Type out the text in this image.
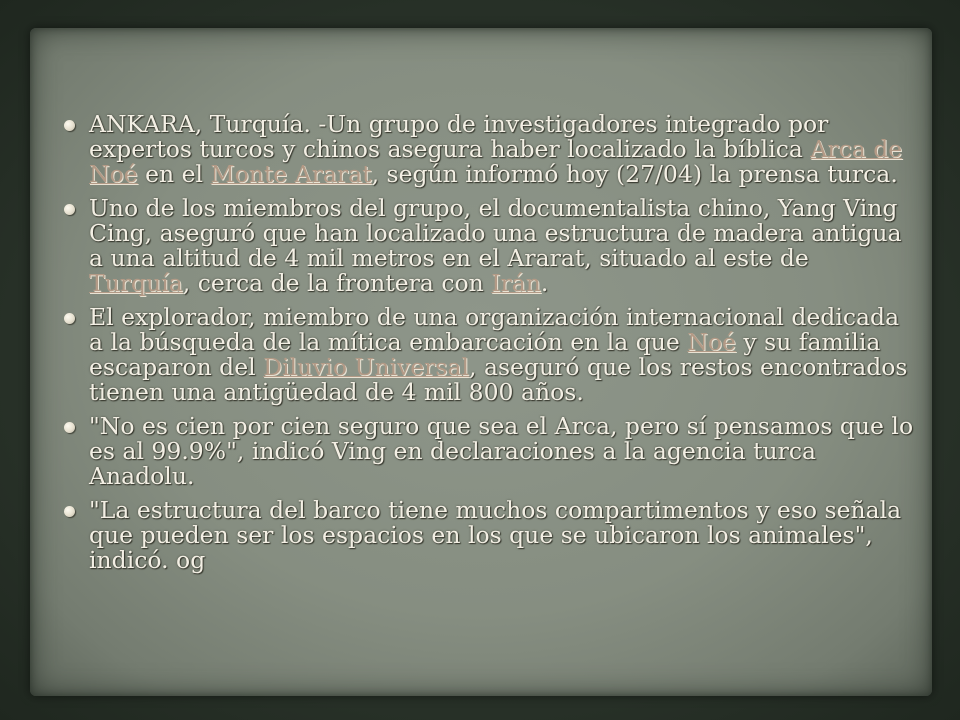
ANKARA, Turquía. -Un grupo de investigadores integrado por expertos turcos y chinos asegura haber localizado la bíblica Arca de Noé en el Monte Ararat, según informó hoy (27/04) la prensa turca.
Uno de los miembros del grupo, el documentalista chino, Yang Ving Cing, aseguró que han localizado una estructura de madera antigua a una altitud de 4 mil metros en el Ararat, situado al este de Turquía, cerca de la frontera con Irán.
El explorador, miembro de una organización internacional dedicada a la búsqueda de la mítica embarcación en la que Noé y su familia escaparon del Diluvio Universal, aseguró que los restos encontrados tienen una antigüedad de 4 mil 800 años.
"No es cien por cien seguro que sea el Arca, pero sí pensamos que lo es al 99.9%", indicó Ving en declaraciones a la agencia turca Anadolu.
"La estructura del barco tiene muchos compartimentos y eso señala que pueden ser los espacios en los que se ubicaron los animales", indicó. og
